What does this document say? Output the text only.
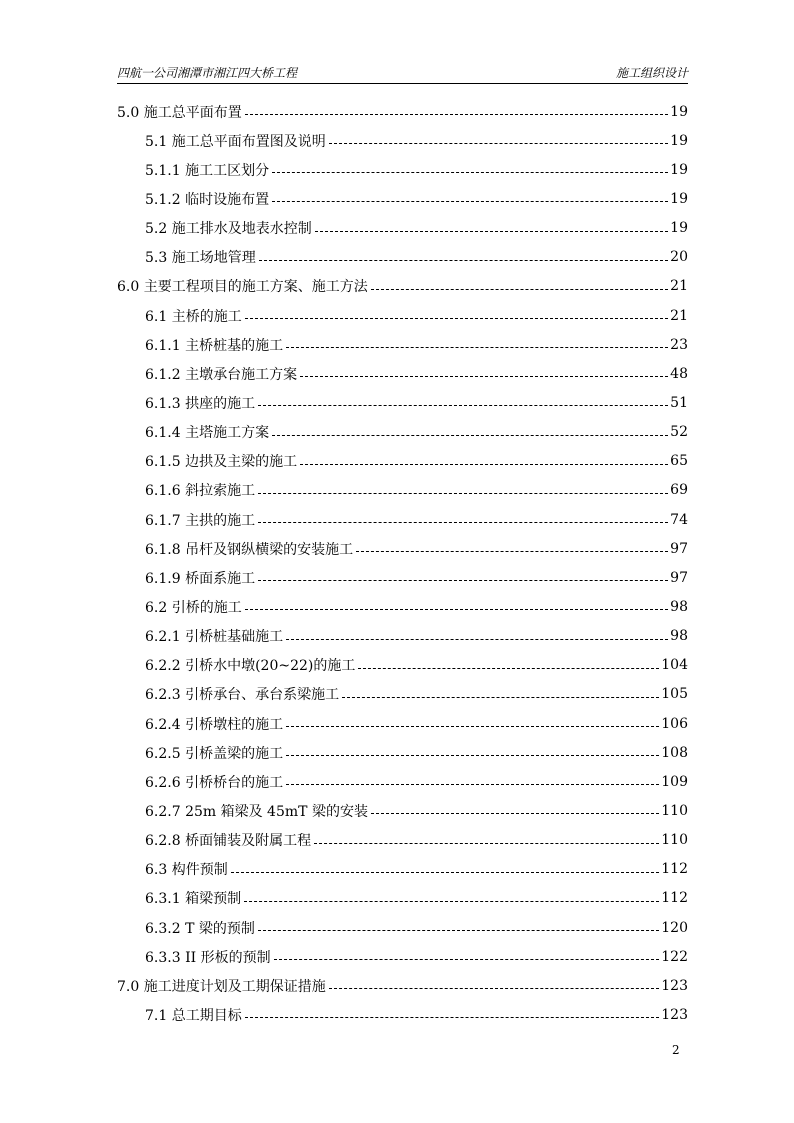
四航一公司湘潭市湘江四大桥工程	施工组织设计
5.0 施工总平面布置	19
5.1 施工总平面布置图及说明	19
5.1.1 施工工区划分	19
5.1.2 临时设施布置	19
5.2 施工排水及地表水控制	19
5.3 施工场地管理	20
6.0 主要工程项目的施工方案、施工方法	21
6.1 主桥的施工	21
6.1.1 主桥桩基的施工	23
6.1.2 主墩承台施工方案	48
6.1.3 拱座的施工	51
6.1.4 主塔施工方案	52
6.1.5 边拱及主梁的施工	65
6.1.6 斜拉索施工	69
6.1.7 主拱的施工	74
6.1.8 吊杆及钢纵横梁的安装施工	97
6.1.9 桥面系施工	97
6.2 引桥的施工	98
6.2.1 引桥桩基础施工	98
6.2.2 引桥水中墩(20~22)的施工	104
6.2.3 引桥承台、承台系梁施工	105
6.2.4 引桥墩柱的施工	106
6.2.5 引桥盖梁的施工	108
6.2.6 引桥桥台的施工	109
6.2.7 25m 箱梁及 45mT 梁的安装	110
6.2.8 桥面铺装及附属工程	110
6.3 构件预制	112
6.3.1 箱梁预制	112
6.3.2 T 梁的预制	120
6.3.3 II 形板的预制	122
7.0 施工进度计划及工期保证措施	123
7.1 总工期目标	123
2
